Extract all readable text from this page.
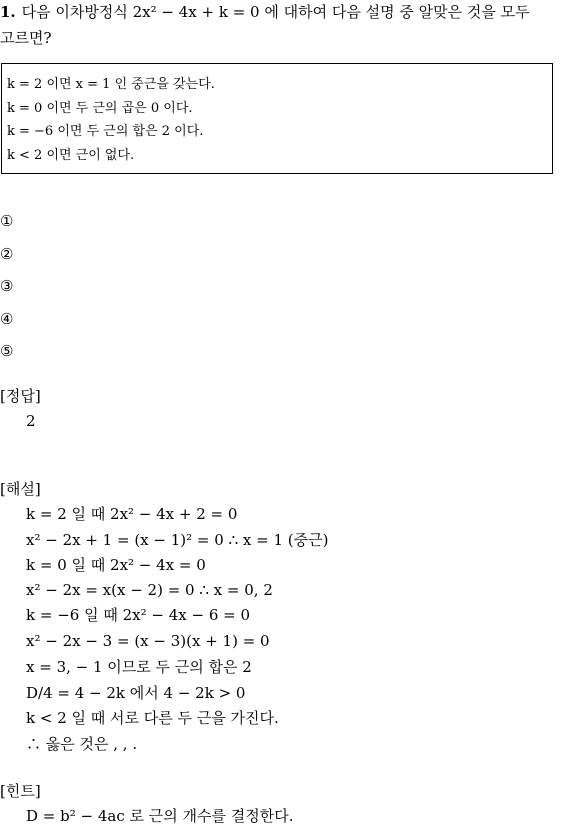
1. 다음 이차방정식 2x² − 4x + k = 0 에 대하여 다음 설명 중 알맞은 것을 모두
고르면?
k = 2 이면 x = 1 인 중근을 갖는다.
k = 0 이면 두 근의 곱은 0 이다.
k = −6 이면 두 근의 합은 2 이다.
k < 2 이면 근이 없다.
①
②
③
④
⑤
[정답]
2
[해설]
k = 2 일 때 2x² − 4x + 2 = 0
x² − 2x + 1 = (x − 1)² = 0 ∴ x = 1 (중근)
k = 0 일 때 2x² − 4x = 0
x² − 2x = x(x − 2) = 0 ∴ x = 0, 2
k = −6 일 때 2x² − 4x − 6 = 0
x² − 2x − 3 = (x − 3)(x + 1) = 0
x = 3, − 1 이므로 두 근의 합은 2
D/4 = 4 − 2k 에서 4 − 2k > 0
k < 2 일 때 서로 다른 두 근을 가진다.
∴ 옳은 것은 , , .
[힌트]
D = b² − 4ac 로 근의 개수를 결정한다.
